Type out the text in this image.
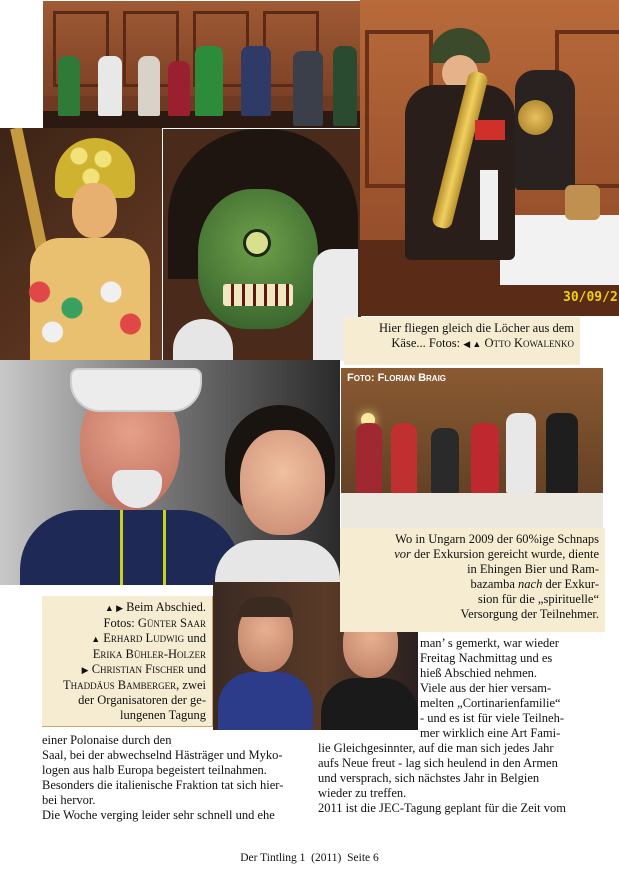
30/09/2
Foto: Florian Braig
Hier fliegen gleich die Löcher aus dem
Käse... Fotos: ◀ ▲ Otto Kowalenko
Wo in Ungarn 2009 der 60%ige Schnaps
vor der Exkursion gereicht wurde, diente
in Ehingen Bier und Ram-
bazamba nach der Exkur-
sion für die „spirituelle“
Versorgung der Teilnehmer.
▲ ▶ Beim Abschied.
Fotos: Günter Saar
▲ Erhard Ludwig und
Erika Bühler-Holzer
▶ Christian Fischer und
Thaddäus Bamberger, zwei
der Organisatoren der ge-
lungenen Tagung

einer Polonaise durch den

Saal, bei der abwechselnd Hästräger und Myko-

logen aus halb Europa begeistert teilnahmen.

Besonders die italienische Fraktion tat sich hier-

bei hervor.

Die Woche verging leider sehr schnell und ehe

man’ s gemerkt, war wieder

Freitag Nachmittag und es

hieß Abschied nehmen.

Viele aus der hier versam-

melten „Cortinarienfamilie“

- und es ist für viele Teilneh-

mer wirklich eine Art Fami-

lie Gleichgesinnter, auf die man sich jedes Jahr

aufs Neue freut - lag sich heulend in den Armen

und versprach, sich nächstes Jahr in Belgien

wieder zu treffen.

2011 ist die JEC-Tagung geplant für die Zeit vom

Der Tintling 1  (2011)  Seite 6
